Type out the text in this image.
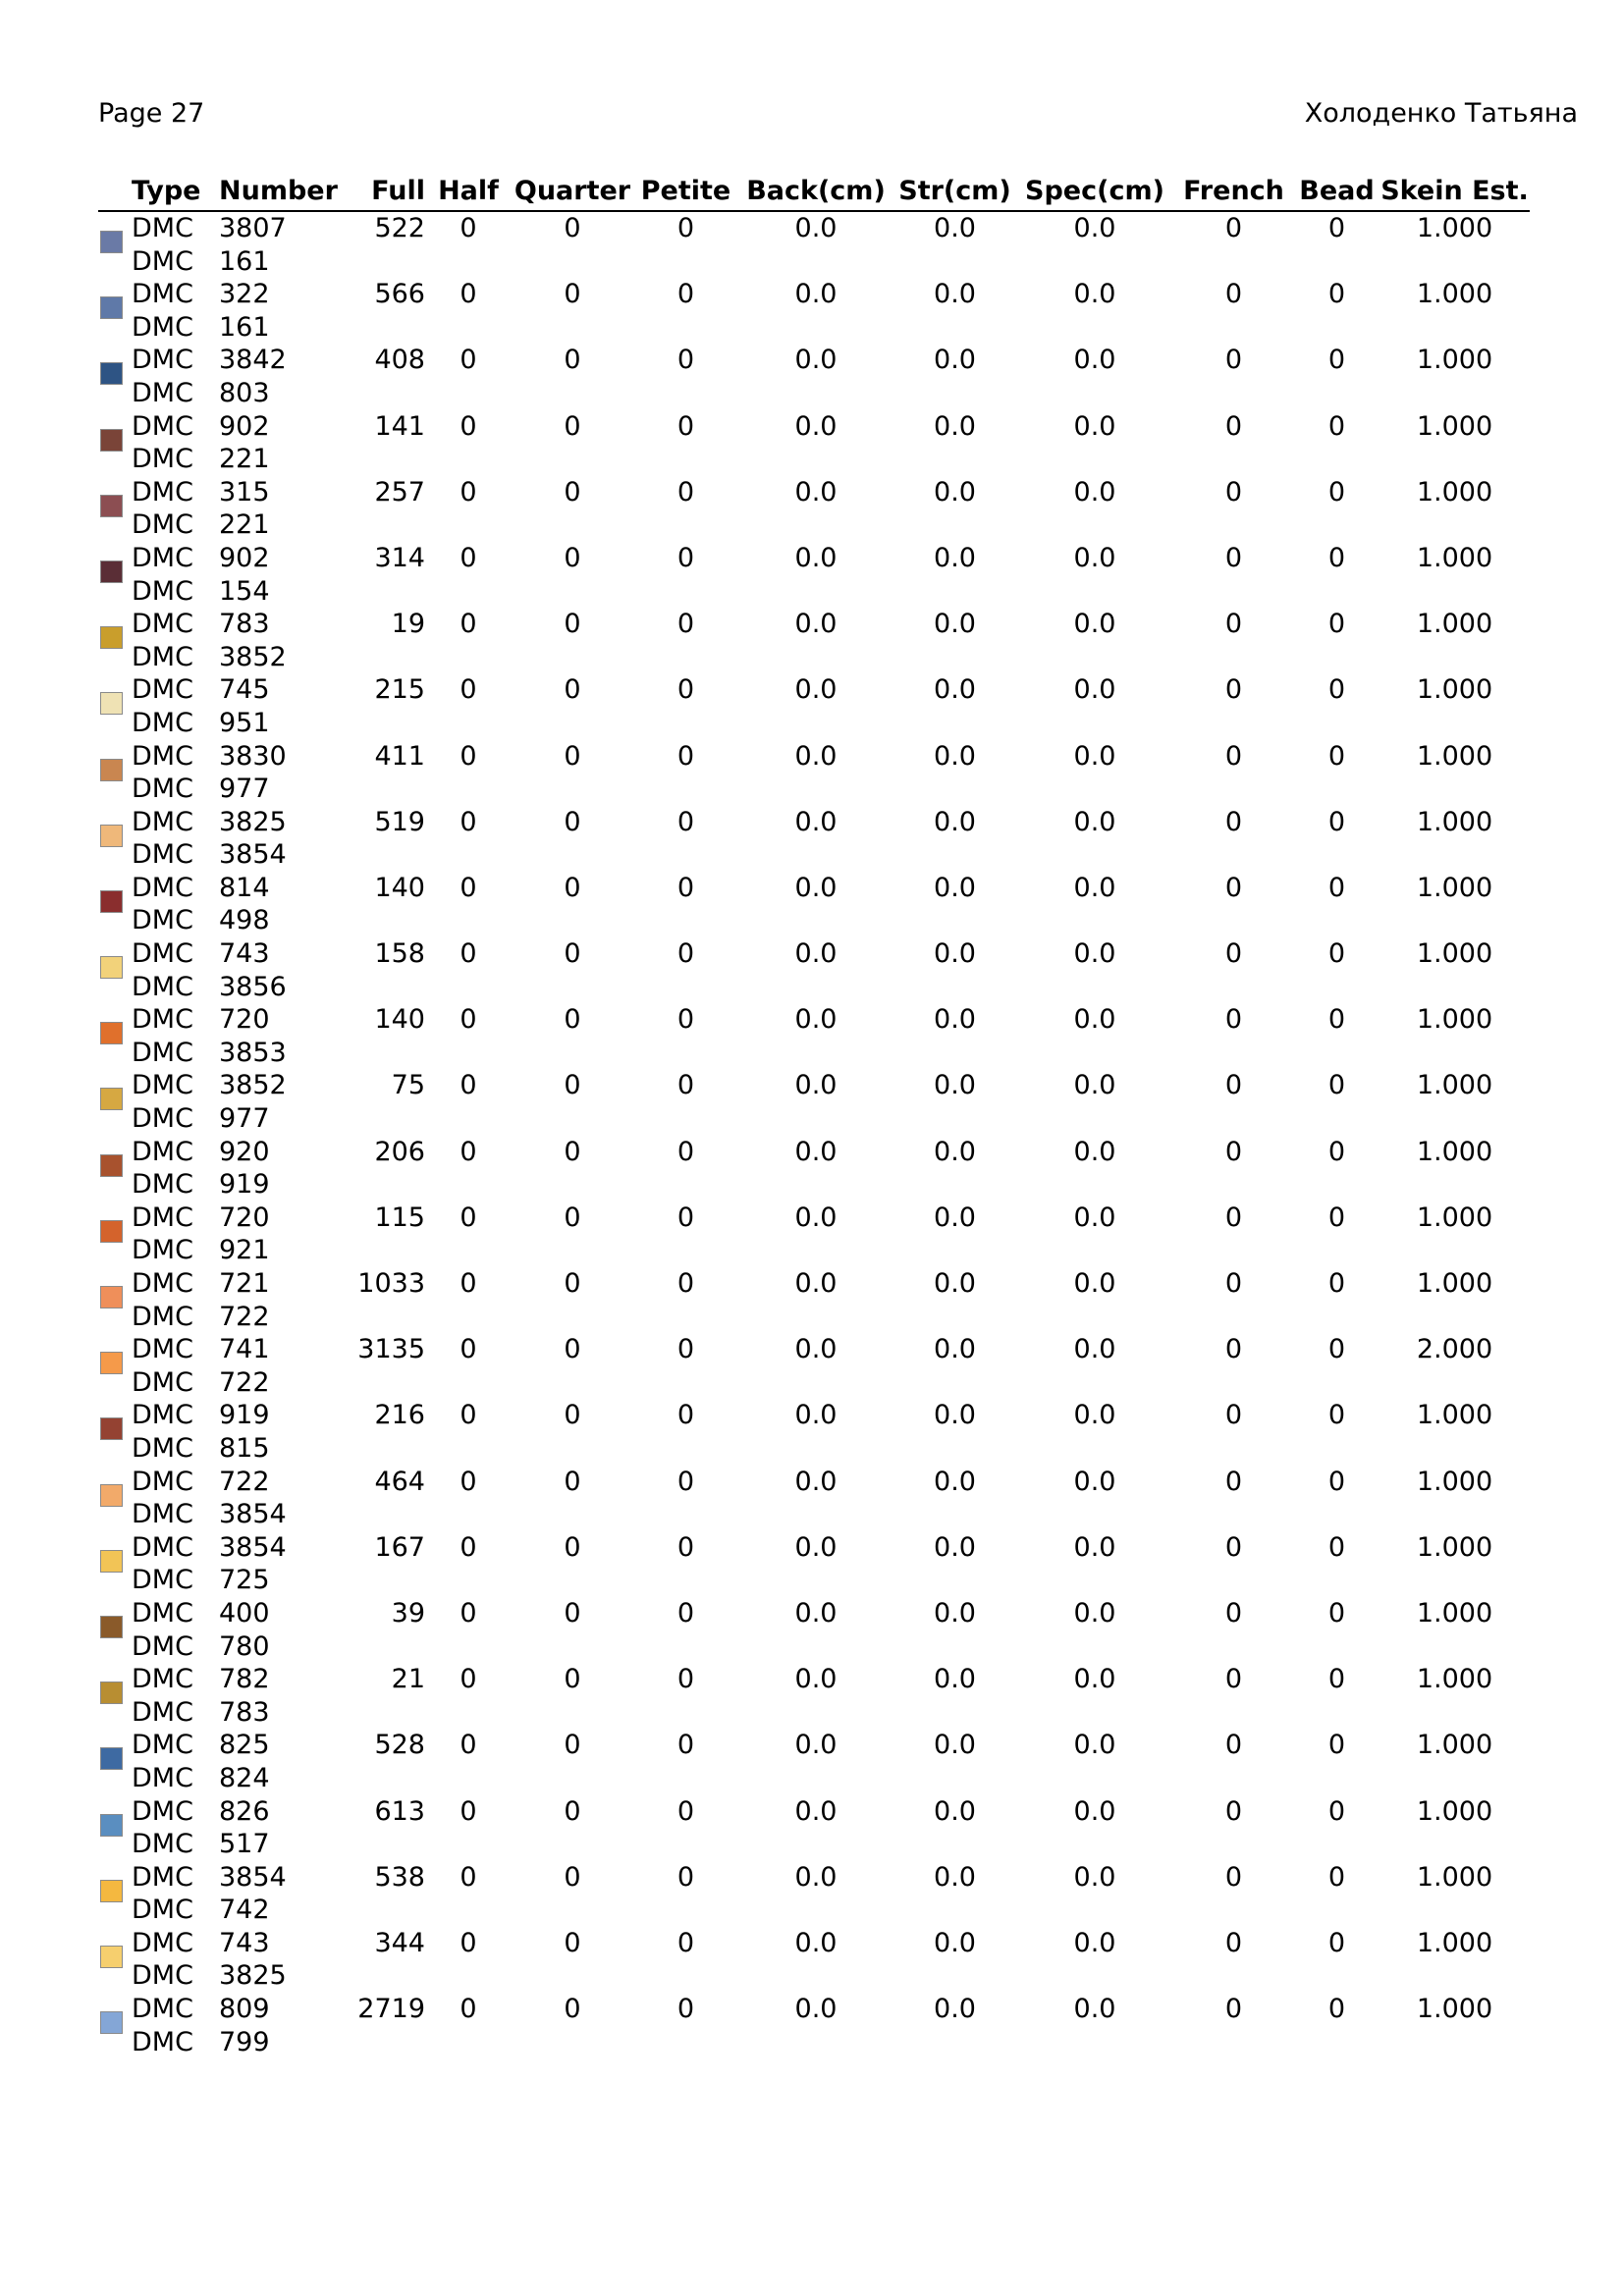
Page 27	Холоденко Татьяна
	Type	Number	Full	Half	Quarter	Petite	Back(cm)	Str(cm)	Spec(cm)	French	Bead	Skein Est.

	DMC	3807	522	0	0	0	0.0	0.0	0.0	0	0	1.000
	DMC	161										

	DMC	322	566	0	0	0	0.0	0.0	0.0	0	0	1.000
	DMC	161										

	DMC	3842	408	0	0	0	0.0	0.0	0.0	0	0	1.000
	DMC	803										

	DMC	902	141	0	0	0	0.0	0.0	0.0	0	0	1.000
	DMC	221										

	DMC	315	257	0	0	0	0.0	0.0	0.0	0	0	1.000
	DMC	221										

	DMC	902	314	0	0	0	0.0	0.0	0.0	0	0	1.000
	DMC	154										

	DMC	783	19	0	0	0	0.0	0.0	0.0	0	0	1.000
	DMC	3852										

	DMC	745	215	0	0	0	0.0	0.0	0.0	0	0	1.000
	DMC	951										

	DMC	3830	411	0	0	0	0.0	0.0	0.0	0	0	1.000
	DMC	977										

	DMC	3825	519	0	0	0	0.0	0.0	0.0	0	0	1.000
	DMC	3854										

	DMC	814	140	0	0	0	0.0	0.0	0.0	0	0	1.000
	DMC	498										

	DMC	743	158	0	0	0	0.0	0.0	0.0	0	0	1.000
	DMC	3856										

	DMC	720	140	0	0	0	0.0	0.0	0.0	0	0	1.000
	DMC	3853										

	DMC	3852	75	0	0	0	0.0	0.0	0.0	0	0	1.000
	DMC	977										

	DMC	920	206	0	0	0	0.0	0.0	0.0	0	0	1.000
	DMC	919										

	DMC	720	115	0	0	0	0.0	0.0	0.0	0	0	1.000
	DMC	921										

	DMC	721	1033	0	0	0	0.0	0.0	0.0	0	0	1.000
	DMC	722										

	DMC	741	3135	0	0	0	0.0	0.0	0.0	0	0	2.000
	DMC	722										

	DMC	919	216	0	0	0	0.0	0.0	0.0	0	0	1.000
	DMC	815										

	DMC	722	464	0	0	0	0.0	0.0	0.0	0	0	1.000
	DMC	3854										

	DMC	3854	167	0	0	0	0.0	0.0	0.0	0	0	1.000
	DMC	725										

	DMC	400	39	0	0	0	0.0	0.0	0.0	0	0	1.000
	DMC	780										

	DMC	782	21	0	0	0	0.0	0.0	0.0	0	0	1.000
	DMC	783										

	DMC	825	528	0	0	0	0.0	0.0	0.0	0	0	1.000
	DMC	824										

	DMC	826	613	0	0	0	0.0	0.0	0.0	0	0	1.000
	DMC	517										

	DMC	3854	538	0	0	0	0.0	0.0	0.0	0	0	1.000
	DMC	742										

	DMC	743	344	0	0	0	0.0	0.0	0.0	0	0	1.000
	DMC	3825										

	DMC	809	2719	0	0	0	0.0	0.0	0.0	0	0	1.000
	DMC	799										
